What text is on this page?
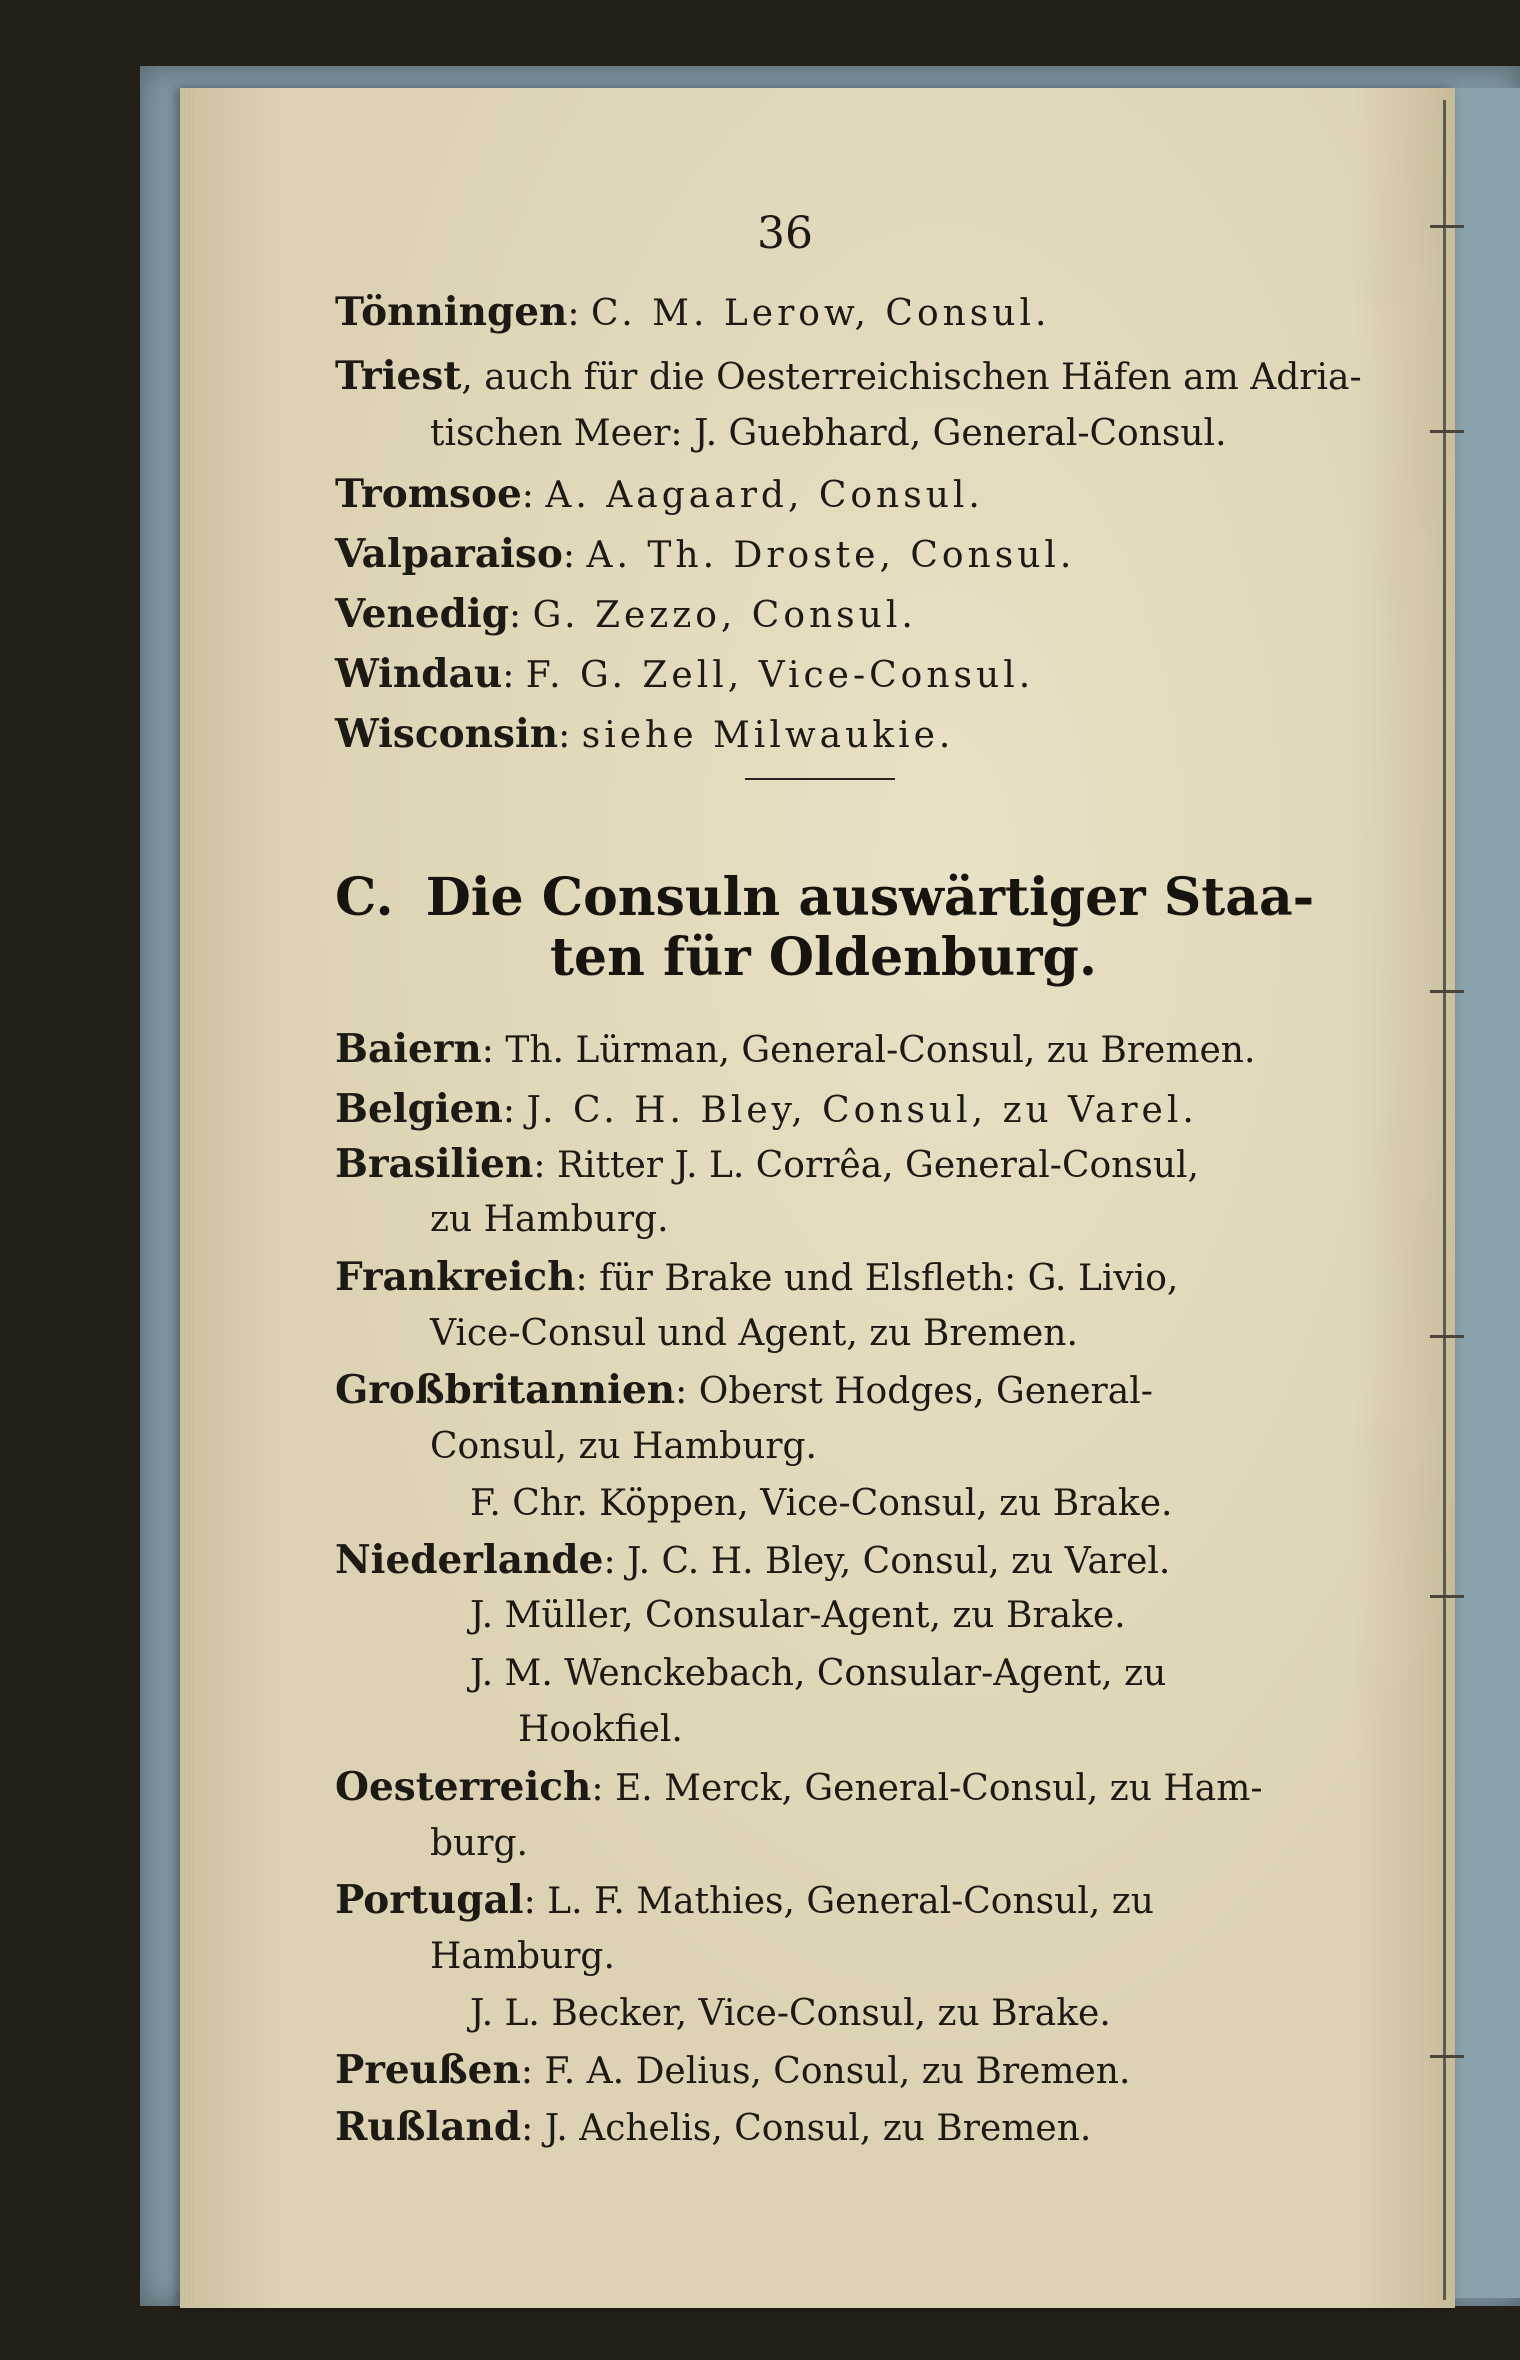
36
Tönningen: C. M. Lerow, Consul.
Triest, auch für die Oesterreichischen Häfen am Adria-
tischen Meer: J. Guebhard, General-Consul.
Tromsoe: A. Aagaard, Consul.
Valparaiso: A. Th. Droste, Consul.
Venedig: G. Zezzo, Consul.
Windau: F. G. Zell, Vice-Consul.
Wisconsin: siehe Milwaukie.
C. Die Consuln auswärtiger Staa-
ten für Oldenburg.
Baiern: Th. Lürman, General-Consul, zu Bremen.
Belgien: J. C. H. Bley, Consul, zu Varel.
Brasilien: Ritter J. L. Corrêa, General-Consul,
zu Hamburg.
Frankreich: für Brake und Elsfleth: G. Livio,
Vice-Consul und Agent, zu Bremen.
Großbritannien: Oberst Hodges, General-
Consul, zu Hamburg.
F. Chr. Köppen, Vice-Consul, zu Brake.
Niederlande: J. C. H. Bley, Consul, zu Varel.
J. Müller, Consular-Agent, zu Brake.
J. M. Wenckebach, Consular-Agent, zu
Hookfiel.
Oesterreich: E. Merck, General-Consul, zu Ham-
burg.
Portugal: L. F. Mathies, General-Consul, zu
Hamburg.
J. L. Becker, Vice-Consul, zu Brake.
Preußen: F. A. Delius, Consul, zu Bremen.
Rußland: J. Achelis, Consul, zu Bremen.
